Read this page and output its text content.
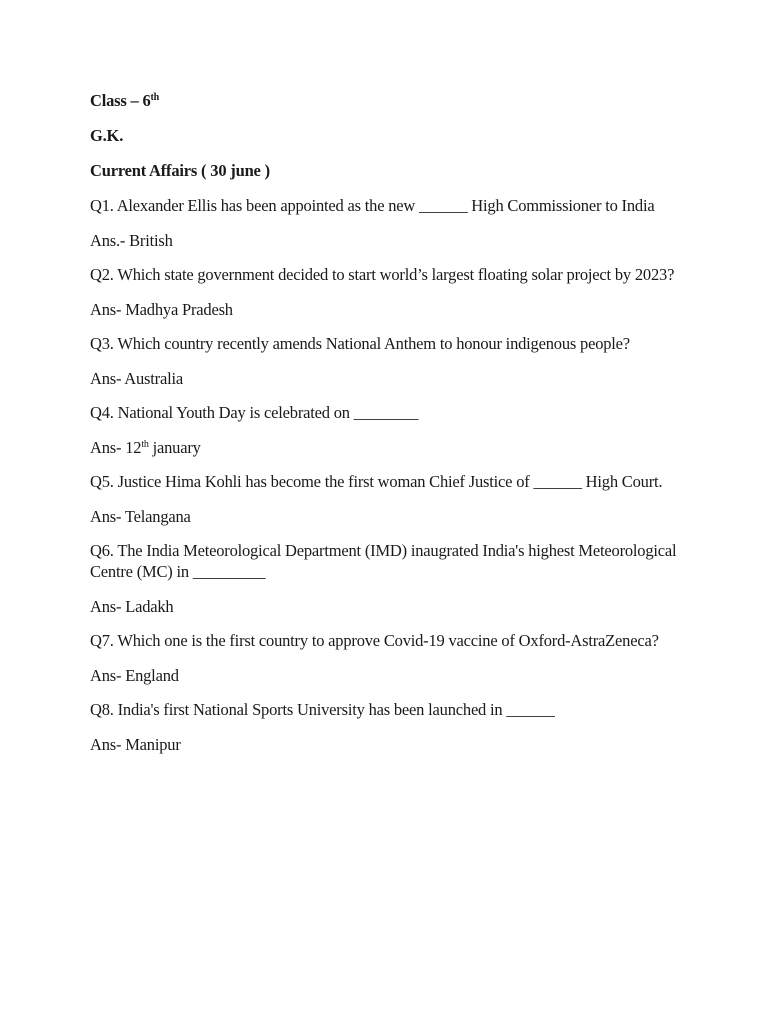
Class – 6th

G.K.

Current Affairs ( 30 june )

Q1. Alexander Ellis has been appointed as the new ______ High Commissioner to India

Ans.- British

Q2. Which state government decided to start world’s largest floating solar project by 2023?

Ans- Madhya Pradesh

Q3. Which country recently amends National Anthem to honour indigenous people?

Ans- Australia

Q4. National Youth Day is celebrated on ________

Ans- 12th january

Q5. Justice Hima Kohli has become the first woman Chief Justice of ______ High Court.

Ans- Telangana

Q6. The India Meteorological Department (IMD) inaugrated India's highest Meteorological Centre (MC) in _________

Ans- Ladakh

Q7. Which one is the first country to approve Covid-19 vaccine of Oxford-AstraZeneca?

Ans- England

Q8. India's first National Sports University has been launched in ______

Ans- Manipur
